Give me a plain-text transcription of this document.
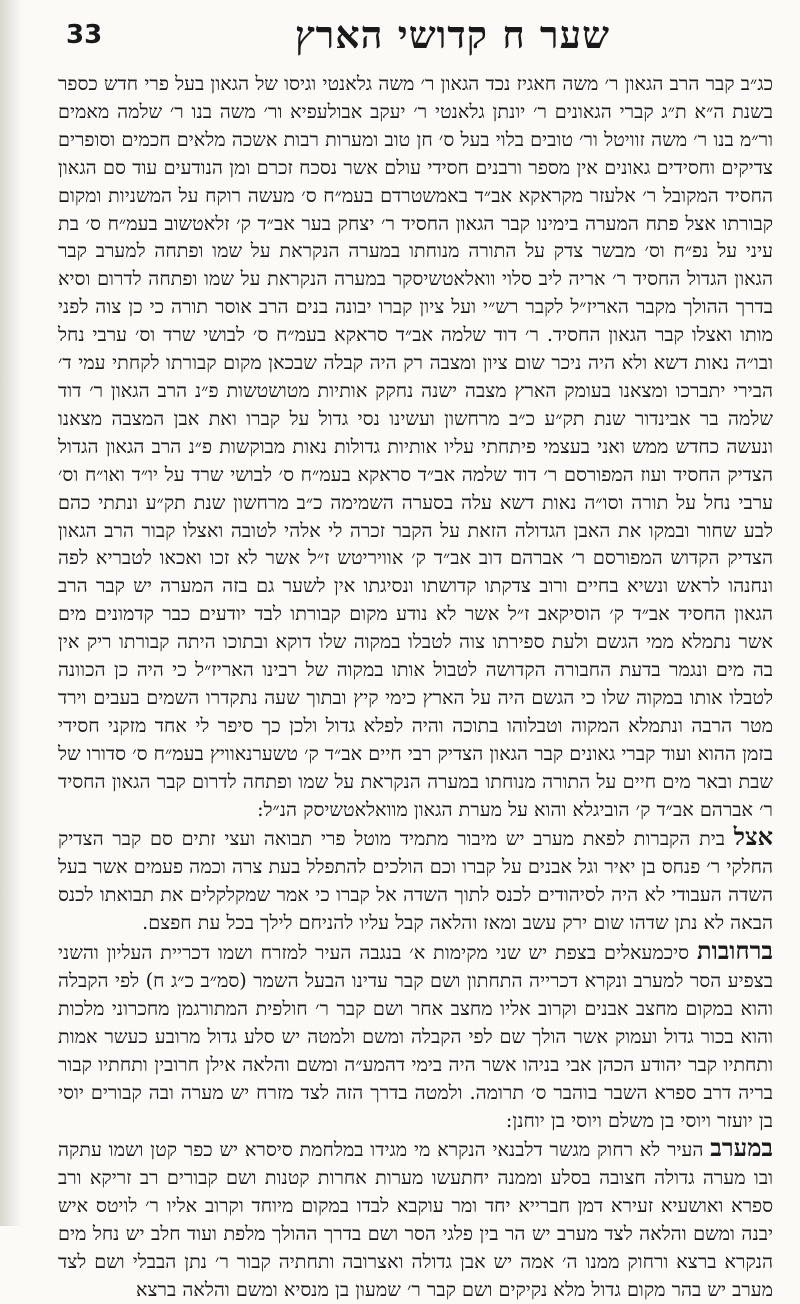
33	שער ח קדושי הארץ

כג״ב קבר הרב הגאון ר׳ משה חאגיז נכד הגאון ר׳ משה גלאנטי וגיסו של הגאון בעל פרי חדש כספר בשנת ה״א ת״ג קברי הגאונים ר׳ יונתן גלאנטי ר׳ יעקב אבולעפיא ור׳ משה בנו ר׳ שלמה מאמים ור״מ בנו ר׳ משה זוויטל ור׳ טובים בלוי בעל ס׳ חן טוב ומערות רבות אשכה מלאים חכמים וסופרים צדיקים וחסידים גאונים אין מספר ורבנים חסידי עולם אשר נסכח זכרם ומן הנודעים עוד סם הגאון החסיד המקובל ר׳ אלעזר מקראקא אב״ד באמשטרדם בעמ״ח ס׳ מעשה רוקח על המשניות ומקום קבורתו אצל פתח המערה בימינו קבר הגאון החסיד ר׳ יצחק בער אב״ד ק׳ זלאטשוב בעמ״ח ס׳ בת עיני על נפ״ח וס׳ מבשר צדק על התורה מנוחתו במערה הנקראת על שמו ופתחה למערב קבר הגאון הגדול החסיד ר׳ אריה ליב סלוי וואלאטשיסקר במערה הנקראת על שמו ופתחה לדרום וסיא בדרך ההולך מקבר האריז״ל לקבר רש״י ועל ציון קברו יבונה בנים הרב אוסר תורה כי כן צוה לפני מותו ואצלו קבר הגאון החסיד. ר׳ דוד שלמה אב״ד סראקא בעמ״ח ס׳ לבושי שרד וס׳ ערבי נחל ובו״ה נאות דשא ולא היה ניכר שום ציון ומצבה רק היה קבלה שבכאן מקום קבורתו לקחתי עמי ד׳ הבירי יתברכו ומצאנו בעומק הארץ מצבה ישנה נחקק אותיות מטושטשות פ״נ הרב הגאון ר׳ דוד שלמה בר אבינדור שנת תק״ע כ״ב מרחשון ועשינו נסי גדול על קברו ואת אבן המצבה מצאנו ונעשה כחדש ממש ואני בעצמי פיתחתי עליו אותיות גדולות נאות מבוקשות פ״נ הרב הגאון הגדול הצדיק החסיד ועוז המפורסם ר׳ דוד שלמה אב״ד סראקא בעמ״ח ס׳ לבושי שרד על יו״ד ואו״ח וס׳ ערבי נחל על תורה וסו״ה נאות דשא עלה בסערה השמימה כ״ב מרחשון שנת תק״ע ונתתי כהם לבע שחור ובמקו את האבן הגדולה הזאת על הקבר זכרה לי אלהי לטובה ואצלו קבור הרב הגאון הצדיק הקדוש המפורסם ר׳ אברהם דוב אב״ד ק׳ אוויריטש ז״ל אשר לא זכו ואכאו לטבריא לפה ונחנהו לראש ונשיא בחיים ורוב צדקתו קדושתו ונסיגתו אין לשער גם בזה המערה יש קבר הרב הגאון החסיד אב״ד ק׳ הוסיקאב ז״ל אשר לא נודע מקום קבורתו לבד יודעים כבר קדמונים מים אשר נתמלא ממי הגשם ולעת ספירתו צוה לטבלו במקוה שלו דוקא ובתוכו היתה קבורתו ריק אין בה מים ונגמר בדעת החבורה הקדושה לטבול אותו במקוה של רבינו האריז״ל כי היה כן הכוונה לטבלו אותו במקוה שלו כי הגשם היה על הארץ כימי קיץ ובתוך שעה נתקדרו השמים בעבים וירד מטר הרבה ונתמלא המקוה וטבלוהו בתוכה והיה לפלא גדול ולכן כך סיפר לי אחד מזקני חסידי בזמן ההוא ועוד קברי גאונים קבר הגאון הצדיק רבי חיים אב״ד ק׳ טשערנאוויץ בעמ״ח ס׳ סדורו של שבת ובאר מים חיים על התורה מנוחתו במערה הנקראת על שמו ופתחה לדרום קבר הגאון החסיד ר׳ אברהם אב״ד ק׳ הוביגלא והוא על מערת הגאון מוואלאטשיסק הנ״ל:

אצל בית הקברות לפאת מערב יש מיבור מתמיד מוטל פרי תבואה ועצי זתים סם קבר הצדיק החלקי ר׳ פנחס בן יאיר וגל אבנים על קברו וכם הולכים להתפלל בעת צרה וכמה פעמים אשר בעל השדה העבודי לא היה לסיהודים לכנס לתוך השדה אל קברו כי אמר שמקלקלים את תבואתו לכנס הבאה לא נתן שדהו שום ירק עשב ומאז והלאה קבל עליו להניחם לילך בכל עת חפצם.

ברחובות סיכמעאלים בצפת יש שני מקימות א׳ בנגבה העיר למזרח ושמו דכריית העליון והשני בצפיע הסר למערב ונקרא דכרייה התחתון ושם קבר עדינו הבעל השמר (סמ״ב כ״ג ח) לפי הקבלה והוא במקום מחצב אבנים וקרוב אליו מחצב אחר ושם קבר ר׳ חולפית המתורגמן מחכרוני מלכות והוא בכור גדול ועמוק אשר הולך שם לפי הקבלה ומשם ולמטה יש סלע גדול מרובע כעשר אמות ותחתיו קבר יהודע הכהן אבי בניהו אשר היה בימי דהמע״ה ומשם והלאה אילן חרובין ותחתיו קבור בריה דרב ספרא השבר בוהבר ס׳ תרומה. ולמטה בדרך הזה לצד מזרח יש מערה ובה קבורים יוסי בן יועזר ויוסי בן משלם ויוסי בן יוחנן:

במערב העיר לא רחוק מגשר דלבנאי הנקרא מי מגידו במלחמת סיסרא יש כפר קטן ושמו עתקה ובו מערה גדולה חצובה בסלע וממנה יחתעשו מערות אחרות קטנות ושם קבורים רב זריקא ורב ספרא ואושעיא זעירא דמן חברייא יחד ומר עוקבא לבדו במקום מיוחד וקרוב אליו ר׳ לויטס איש יבנה ומשם והלאה לצד מערב יש הר בין פלגי הסר ושם בדרך ההולך מלפת ועוד חלב יש נחל מים הנקרא ברצא ורחוק ממנו ה׳ אמה יש אבן גדולה ואצרובה ותחתיה קבור ר׳ נתן הבבלי ושם לצד מערב יש בהר מקום גדול מלא נקיקים ושם קבר ר׳ שמעון בן מנסיא ומשם והלאה ברצא
